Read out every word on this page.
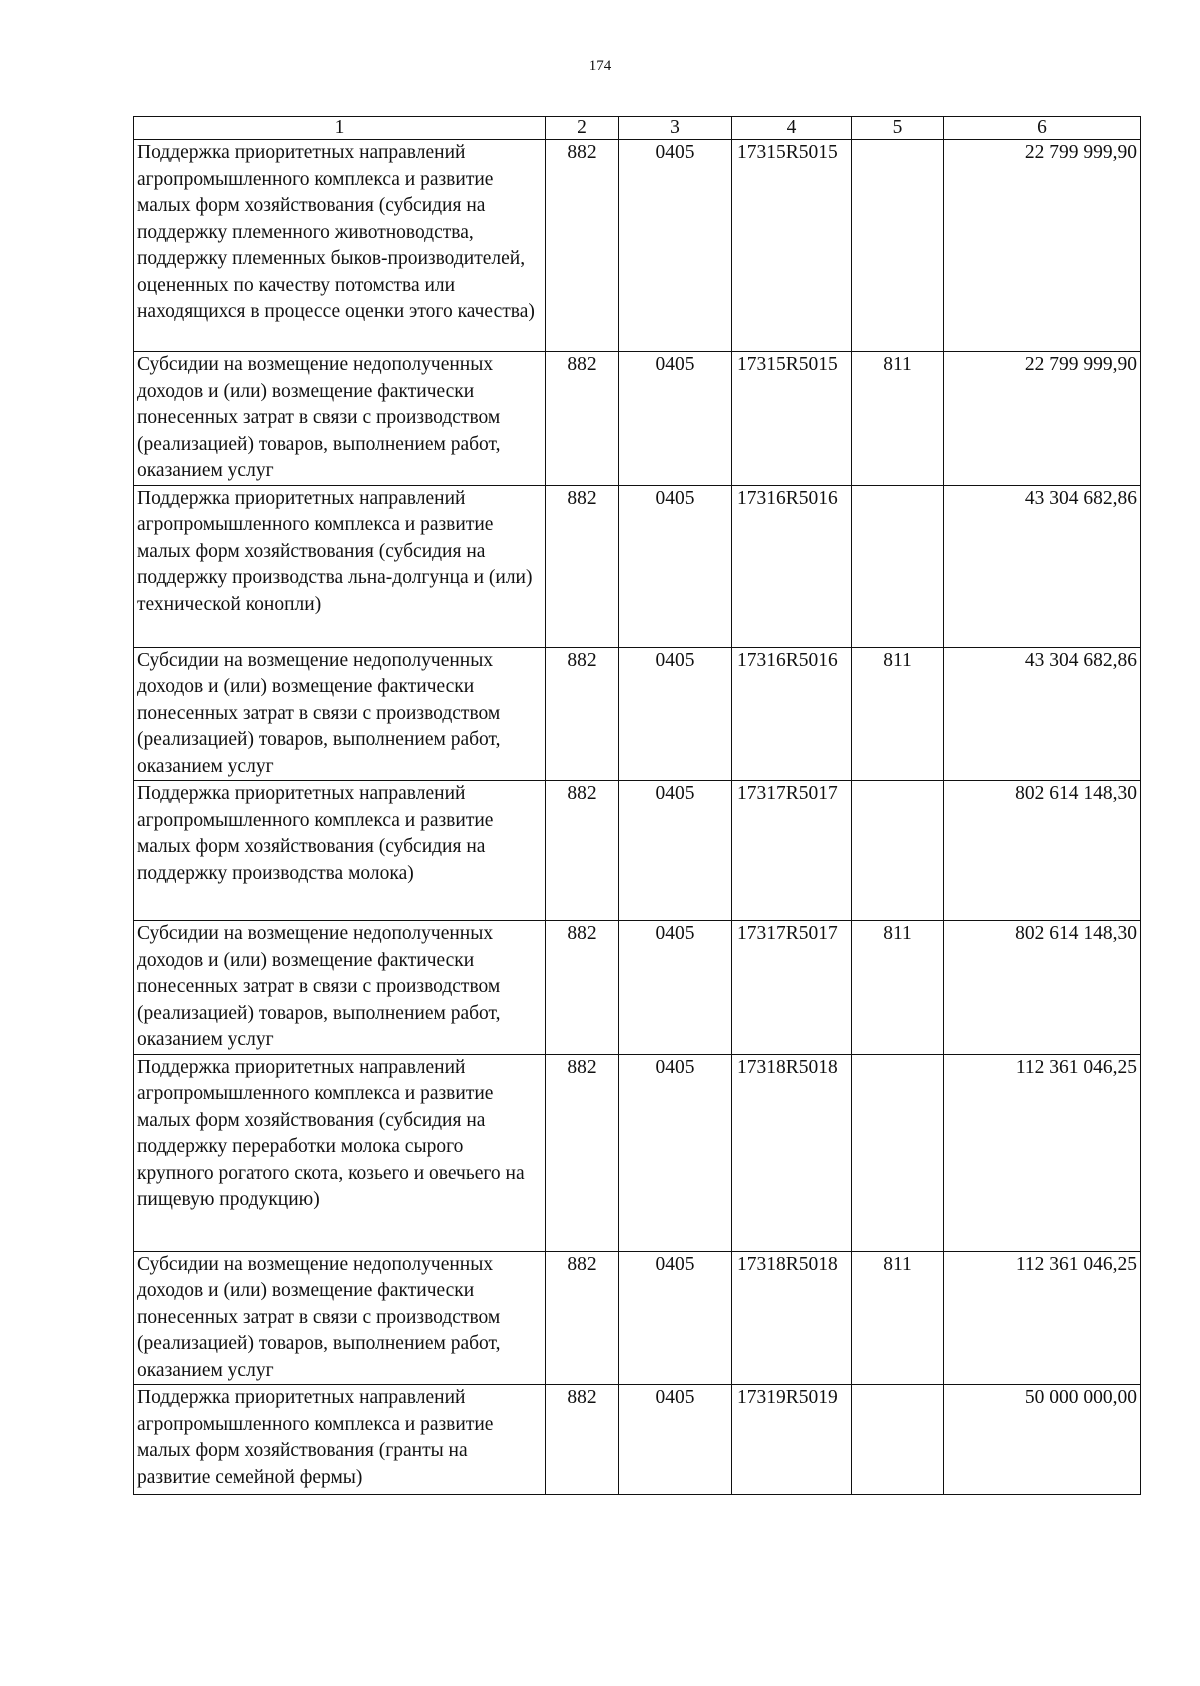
174
1	2	3	4	5	6
Поддержка приоритетных направлений агропромышленного комплекса и развитие малых форм хозяйствования (субсидия на поддержку племенного животноводства, поддержку племенных быков-производителей, оцененных по качеству потомства или находящихся в процессе оценки этого качества)	882	0405	17315R5015		22 799 999,90
Субсидии на возмещение недополученных доходов и (или) возмещение фактически понесенных затрат в связи с производством (реализацией) товаров, выполнением работ, оказанием услуг	882	0405	17315R5015	811	22 799 999,90
Поддержка приоритетных направлений агропромышленного комплекса и развитие малых форм хозяйствования (субсидия на поддержку производства льна-долгунца и (или) технической конопли)	882	0405	17316R5016		43 304 682,86
Субсидии на возмещение недополученных доходов и (или) возмещение фактически понесенных затрат в связи с производством (реализацией) товаров, выполнением работ, оказанием услуг	882	0405	17316R5016	811	43 304 682,86
Поддержка приоритетных направлений агропромышленного комплекса и развитие малых форм хозяйствования (субсидия на поддержку производства молока)	882	0405	17317R5017		802 614 148,30
Субсидии на возмещение недополученных доходов и (или) возмещение фактически понесенных затрат в связи с производством (реализацией) товаров, выполнением работ, оказанием услуг	882	0405	17317R5017	811	802 614 148,30
Поддержка приоритетных направлений агропромышленного комплекса и развитие малых форм хозяйствования (субсидия на поддержку переработки молока сырого крупного рогатого скота, козьего и овечьего на пищевую продукцию)	882	0405	17318R5018		112 361 046,25
Субсидии на возмещение недополученных доходов и (или) возмещение фактически понесенных затрат в связи с производством (реализацией) товаров, выполнением работ, оказанием услуг	882	0405	17318R5018	811	112 361 046,25
Поддержка приоритетных направлений агропромышленного комплекса и развитие малых форм хозяйствования (гранты на развитие семейной фермы)	882	0405	17319R5019		50 000 000,00
